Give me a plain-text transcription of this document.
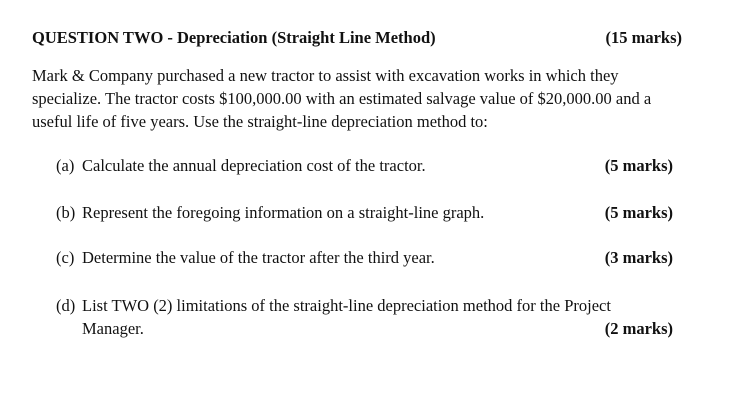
QUESTION TWO - Depreciation (Straight Line Method)	(15 marks)
Mark & Company purchased a new tractor to assist with excavation works in which they
specialize. The tractor costs $100,000.00 with an estimated salvage value of $20,000.00 and a
useful life of five years. Use the straight-line depreciation method to:
(a) Calculate the annual depreciation cost of the tractor.	(5 marks)
(b) Represent the foregoing information on a straight-line graph.	(5 marks)
(c) Determine the value of the tractor after the third year.	(3 marks)
(d) List TWO (2) limitations of the straight-line depreciation method for the Project
Manager.	(2 marks)
